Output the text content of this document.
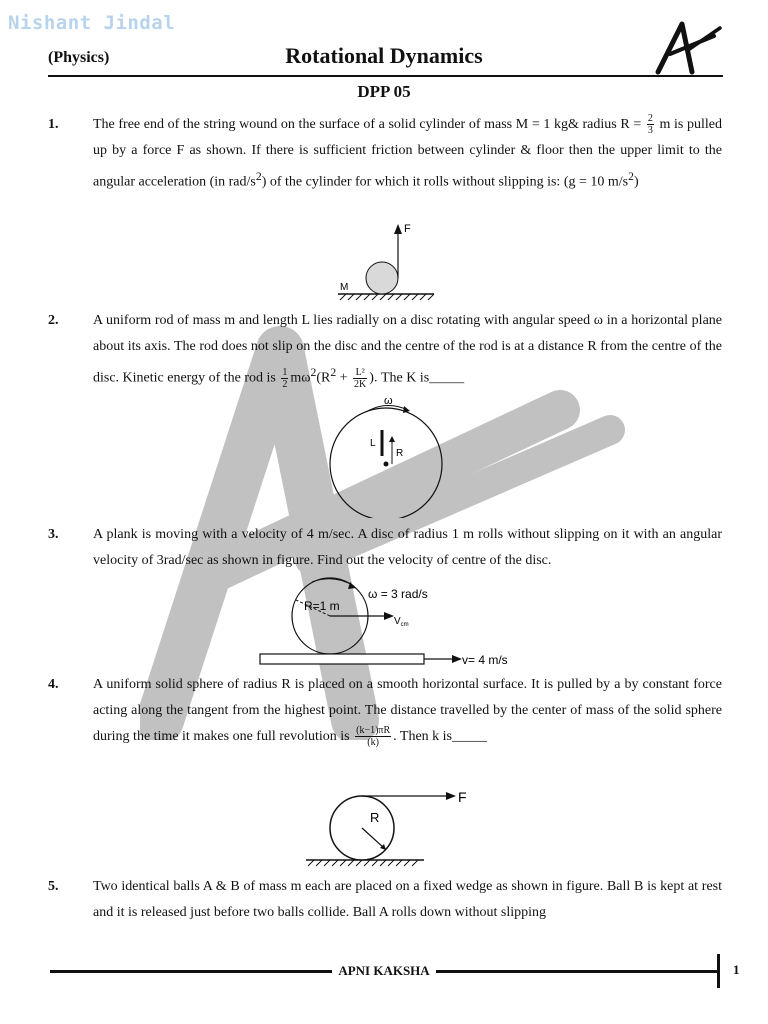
Nishant Jindal
(Physics)	Rotational Dynamics
DPP 05
1. The free end of the string wound on the surface of a solid cylinder of mass M = 1 kg& radius $R = \frac{2}{3}$ m is pulled up by a force F as shown. If there is sufficient friction between cylinder & floor then the upper limit to the angular acceleration (in rad/$s^2$) of the cylinder for which it rolls without slipping is: (g = 10 $m/s^2$)
F
M
2. A uniform rod of mass m and length L lies radially on a disc rotating with angular speed ω in a horizontal plane about its axis. The rod does not slip on the disc and the centre of the rod is at a distance R from the centre of the disc. Kinetic energy of the rod is $\frac{1}{2} m\omega^2(R^2 + \frac{\text{L²}}{2K}$ ). The K is_____
ω
L
R
3. A plank is moving with a velocity of 4 m/sec. A disc of radius 1 m rolls without slipping on it with an angular velocity of 3rad/sec as shown in figure. Find out the velocity of centre of the disc.
R=1 m
ω = 3 rad/s
$V_{cm}$
v= 4 m/s
4. A uniform solid sphere of radius R is placed on a smooth horizontal surface. It is pulled by a by constant force acting along the tangent from the highest point. The distance travelled by the center of mass of the solid sphere during the time it makes one full revolution is $\frac{(k-1)\pi R}{(k)}$ . Then k is_____
F
R
5. Two identical balls A & B of mass m each are placed on a fixed wedge as shown in figure. Ball B is kept at rest and it is released just before two balls collide. Ball A rolls down without slipping
APNI KAKSHA	1
